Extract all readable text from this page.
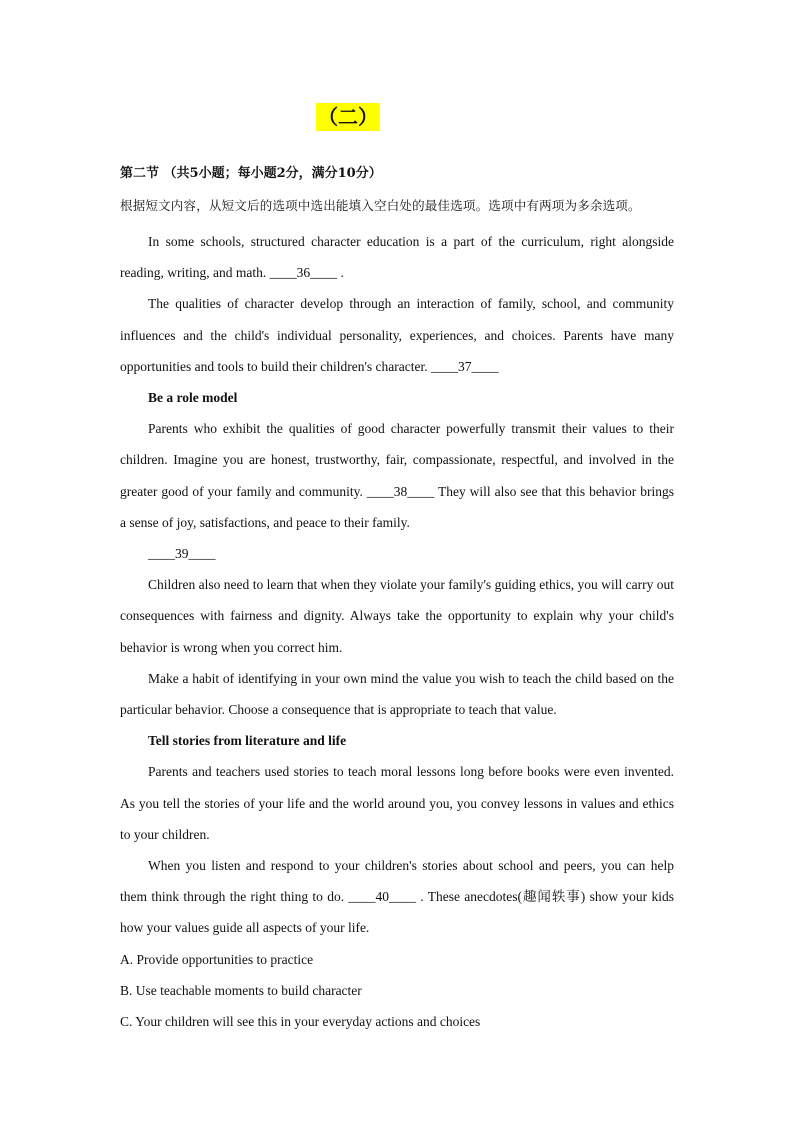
（二）
第二节 （共5小题；每小题2分，满分10分）
根据短文内容，从短文后的选项中选出能填入空白处的最佳选项。选项中有两项为多余选项。

In some schools, structured character education is a part of the curriculum, right alongside reading, writing, and math. ____36____ .

The qualities of character develop through an interaction of family, school, and community influences and the child's individual personality, experiences, and choices. Parents have many opportunities and tools to build their children's character. ____37____

Be a role model

Parents who exhibit the qualities of good character powerfully transmit their values to their children. Imagine you are honest, trustworthy, fair, compassionate, respectful, and involved in the greater good of your family and community. ____38____ They will also see that this behavior brings a sense of joy, satisfactions, and peace to their family.

____39____

Children also need to learn that when they violate your family's guiding ethics, you will carry out consequences with fairness and dignity. Always take the opportunity to explain why your child's behavior is wrong when you correct him.

Make a habit of identifying in your own mind the value you wish to teach the child based on the particular behavior. Choose a consequence that is appropriate to teach that value.

Tell stories from literature and life

Parents and teachers used stories to teach moral lessons long before books were even invented. As you tell the stories of your life and the world around you, you convey lessons in values and ethics to your children.

When you listen and respond to your children's stories about school and peers, you can help them think through the right thing to do. ____40____ . These anecdotes(趣闻轶事) show your kids how your values guide all aspects of your life.

A. Provide opportunities to practice

B. Use teachable moments to build character

C. Your children will see this in your everyday actions and choices
